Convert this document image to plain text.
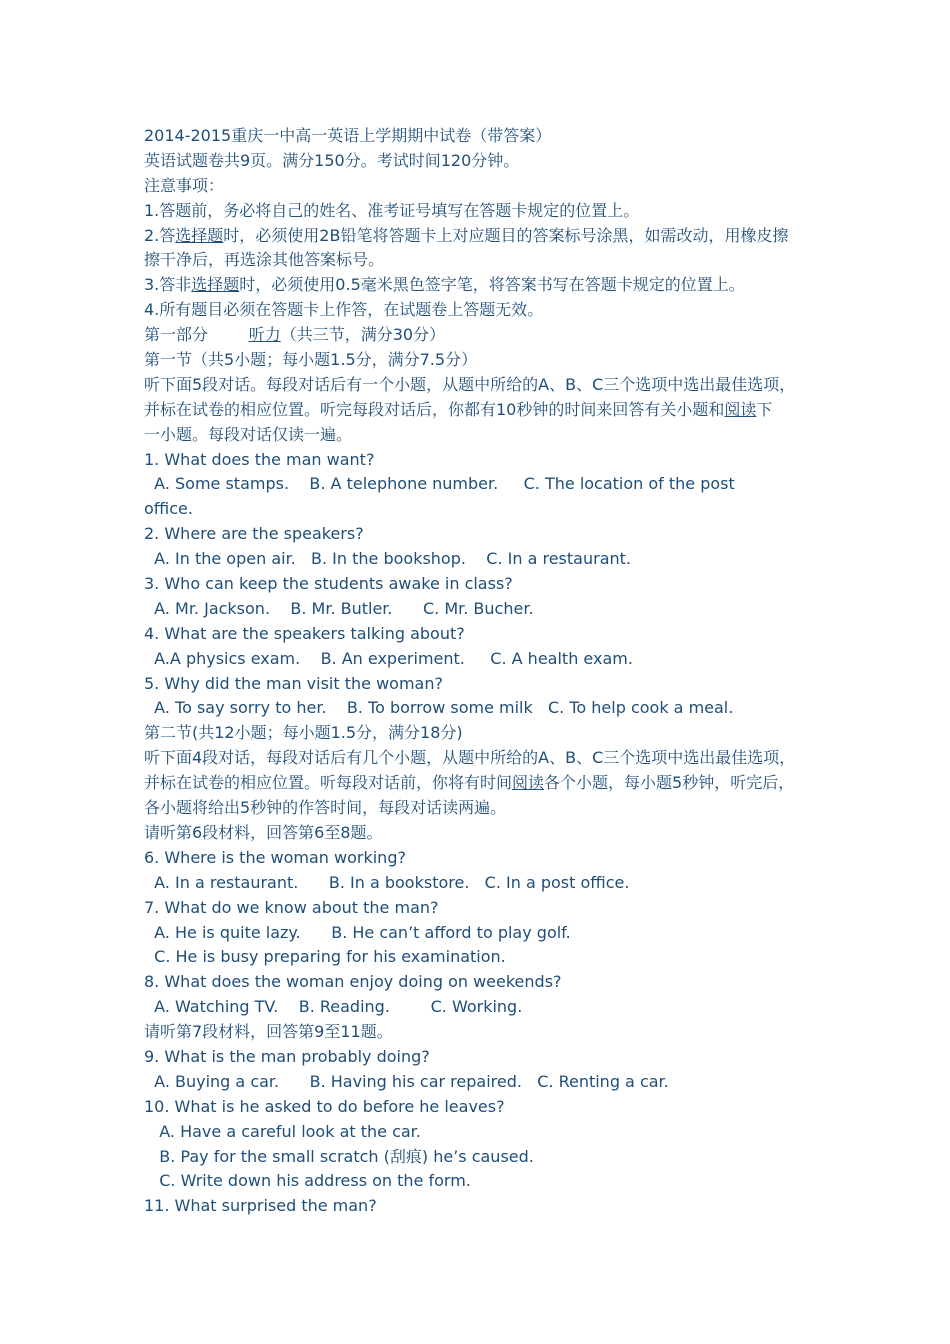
2014-2015重庆一中高一英语上学期期中试卷（带答案）
英语试题卷共9页。满分150分。考试时间120分钟。
注意事项：
1.答题前，务必将自己的姓名、准考证号填写在答题卡规定的位置上。
2.答选择题时，必须使用2B铅笔将答题卡上对应题目的答案标号涂黑，如需改动，用橡皮擦
擦干净后，再选涂其他答案标号。
3.答非选择题时，必须使用0.5毫米黑色签字笔，将答案书写在答题卡规定的位置上。
4.所有题目必须在答题卡上作答，在试题卷上答题无效。
第一部分        听力（共三节，满分30分）
第一节（共5小题；每小题1.5分，满分7.5分）
听下面5段对话。每段对话后有一个小题，从题中所给的A、B、C三个选项中选出最佳选项，
并标在试卷的相应位置。听完每段对话后，你都有10秒钟的时间来回答有关小题和阅读下
一小题。每段对话仅读一遍。
1. What does the man want?
A. Some stamps.    B. A telephone number.     C. The location of the post
office.
2. Where are the speakers?
A. In the open air.   B. In the bookshop.    C. In a restaurant.
3. Who can keep the students awake in class?
A. Mr. Jackson.    B. Mr. Butler.      C. Mr. Bucher.
4. What are the speakers talking about?
A.A physics exam.    B. An experiment.     C. A health exam.
5. Why did the man visit the woman?
A. To say sorry to her.    B. To borrow some milk   C. To help cook a meal.
第二节(共12小题；每小题1.5分，满分18分)
听下面4段对话，每段对话后有几个小题，从题中所给的A、B、C三个选项中选出最佳选项，
并标在试卷的相应位置。听每段对话前，你将有时间阅读各个小题，每小题5秒钟，听完后，
各小题将给出5秒钟的作答时间，每段对话读两遍。
请听第6段材料，回答第6至8题。
6. Where is the woman working?
A. In a restaurant.      B. In a bookstore.   C. In a post office.
7. What do we know about the man?
A. He is quite lazy.      B. He can’t afford to play golf.
C. He is busy preparing for his examination.
8. What does the woman enjoy doing on weekends?
A. Watching TV.    B. Reading.        C. Working.
请听第7段材料，回答第9至11题。
9. What is the man probably doing?
A. Buying a car.      B. Having his car repaired.   C. Renting a car.
10. What is he asked to do before he leaves?
A. Have a careful look at the car.
B. Pay for the small scratch (刮痕) he’s caused.
C. Write down his address on the form.
11. What surprised the man?
